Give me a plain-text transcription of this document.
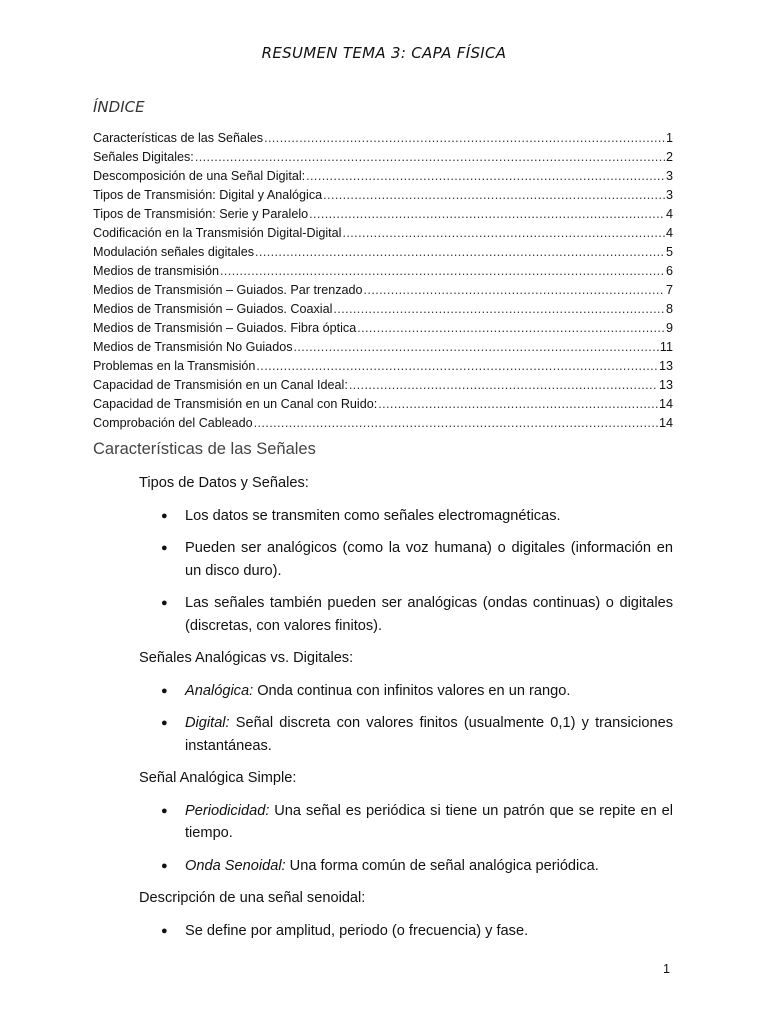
RESUMEN TEMA 3: CAPA FÍSICA
ÍNDICE
Características de las Señales .....	1
Señales Digitales: .....	2
Descomposición de una Señal Digital: .....	3
Tipos de Transmisión: Digital y Analógica .....	3
Tipos de Transmisión: Serie y Paralelo .....	4
Codificación en la Transmisión Digital-Digital .....	4
Modulación señales digitales .....	5
Medios de transmisión .....	6
Medios de Transmisión – Guiados. Par trenzado .....	7
Medios de Transmisión – Guiados. Coaxial .....	8
Medios de Transmisión – Guiados. Fibra óptica .....	9
Medios de Transmisión No Guiados .....	11
Problemas en la Transmisión .....	13
Capacidad de Transmisión en un Canal Ideal: .....	13
Capacidad de Transmisión en un Canal con Ruido: .....	14
Comprobación del Cableado .....	14
Características de las Señales

Tipos de Datos y Señales:

● Los datos se transmiten como señales electromagnéticas.
● Pueden ser analógicos (como la voz humana) o digitales (información en un disco duro).
● Las señales también pueden ser analógicas (ondas continuas) o digitales (discretas, con valores finitos).

Señales Analógicas vs. Digitales:

● Analógica: Onda continua con infinitos valores en un rango.
● Digital: Señal discreta con valores finitos (usualmente 0,1) y transiciones instantáneas.

Señal Analógica Simple:

● Periodicidad: Una señal es periódica si tiene un patrón que se repite en el tiempo.
● Onda Senoidal: Una forma común de señal analógica periódica.

Descripción de una señal senoidal:

● Se define por amplitud, periodo (o frecuencia) y fase.
1
